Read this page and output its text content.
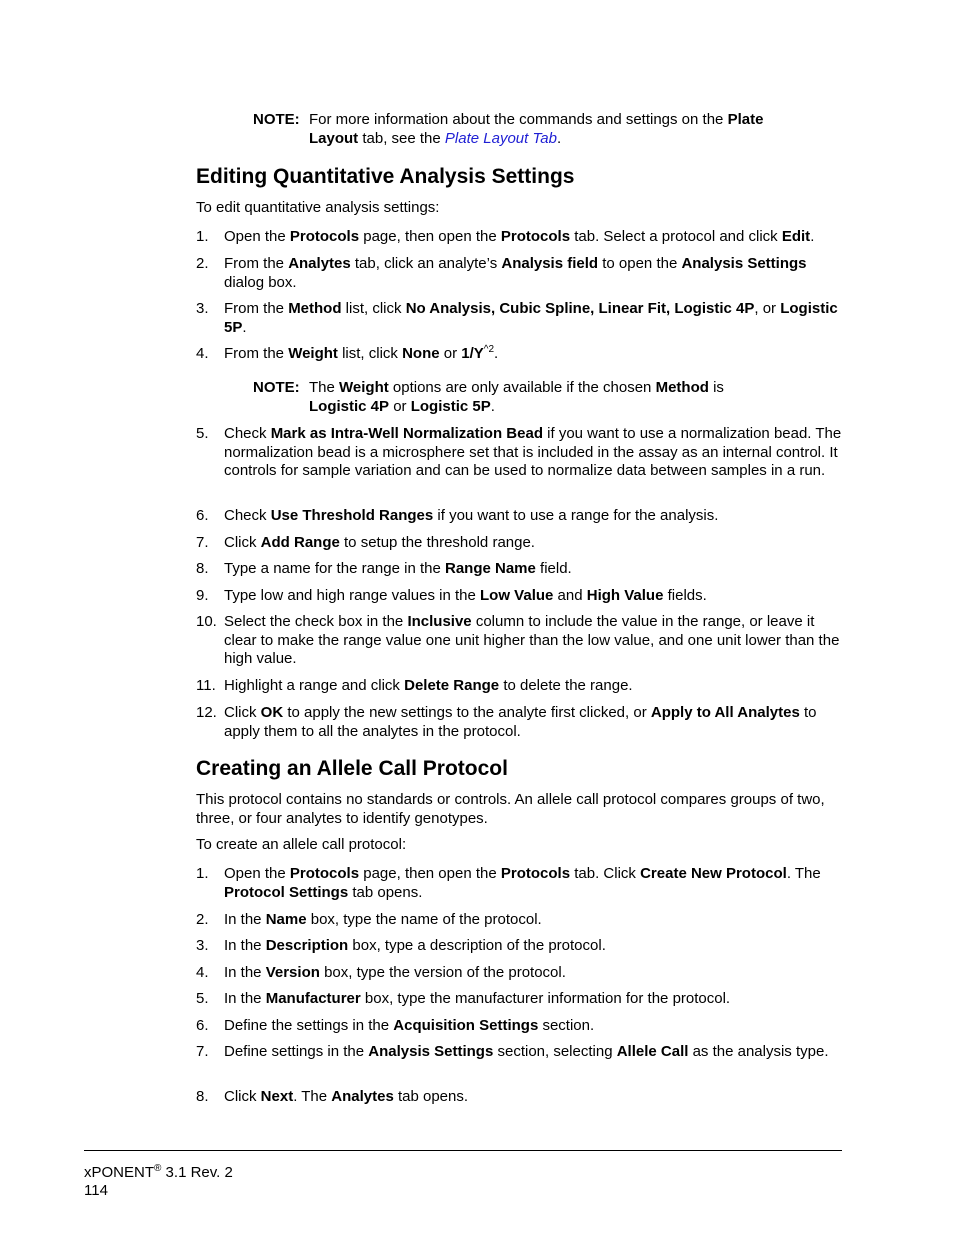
NOTE: For more information about the commands and settings on the Plate
Layout tab, see the Plate Layout Tab.
Editing Quantitative Analysis Settings
To edit quantitative analysis settings:
1.	Open the Protocols page, then open the Protocols tab. Select a protocol and click Edit.
2.	From the Analytes tab, click an analyte’s Analysis field to open the Analysis Settings dialog box.
3.	From the Method list, click No Analysis, Cubic Spline, Linear Fit, Logistic 4P, or Logistic 5P.
4.	From the Weight list, click None or $1/Y^{\^{}2}$.
NOTE: The Weight options are only available if the chosen Method is
Logistic 4P or Logistic 5P.
5.	Check Mark as Intra-Well Normalization Bead if you want to use a normalization bead. The normalization bead is a microsphere set that is included in the assay as an internal control. It controls for sample variation and can be used to normalize data between samples in a run.
6.	Check Use Threshold Ranges if you want to use a range for the analysis.
7.	Click Add Range to setup the threshold range.
8.	Type a name for the range in the Range Name field.
9.	Type low and high range values in the Low Value and High Value fields.
10. Select the check box in the Inclusive column to include the value in the range, or leave it clear to make the range value one unit higher than the low value, and one unit lower than the high value.
11. Highlight a range and click Delete Range to delete the range.
12. Click OK to apply the new settings to the analyte first clicked, or Apply to All Analytes to apply them to all the analytes in the protocol.
Creating an Allele Call Protocol
This protocol contains no standards or controls. An allele call protocol compares groups of two, three, or four analytes to identify genotypes.
To create an allele call protocol:
1.	Open the Protocols page, then open the Protocols tab. Click Create New Protocol. The Protocol Settings tab opens.
2.	In the Name box, type the name of the protocol.
3.	In the Description box, type a description of the protocol.
4.	In the Version box, type the version of the protocol.
5.	In the Manufacturer box, type the manufacturer information for the protocol.
6.	Define the settings in the Acquisition Settings section.
7.	Define settings in the Analysis Settings section, selecting Allele Call as the analysis type.
8.	Click Next. The Analytes tab opens.
xPONENT® 3.1 Rev. 2
114
